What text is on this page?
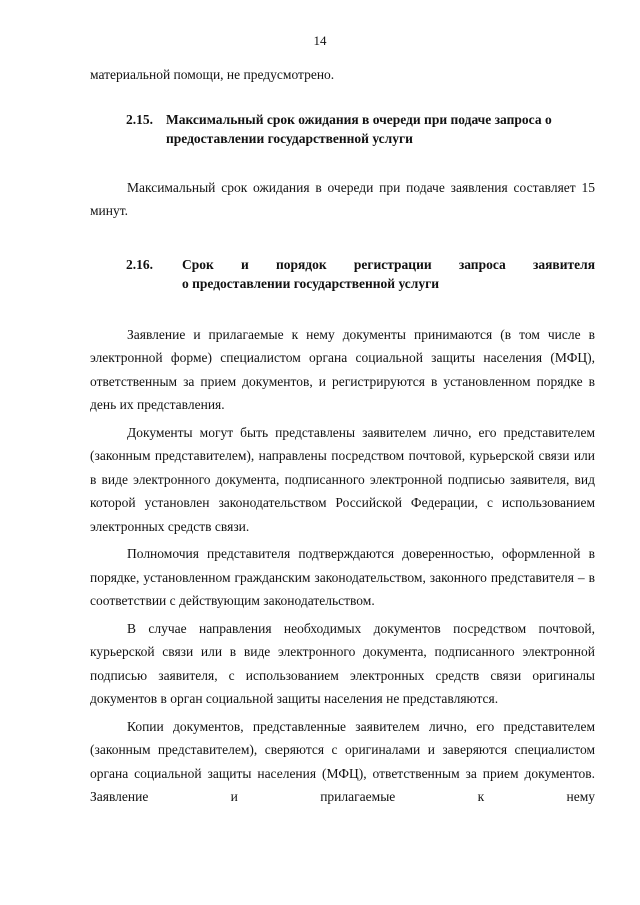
14

материальной помощи, не предусмотрено.

2.15. Максимальный срок ожидания в очереди при подаче запроса о предоставлении государственной услуги

Максимальный срок ожидания в очереди при подаче заявления составляет 15 минут.

2.16.	Срок и порядок регистрации запроса заявителя
о предоставлении государственной услуги

Заявление и прилагаемые к нему документы принимаются (в том числе в электронной форме) специалистом органа социальной защиты населения (МФЦ), ответственным за прием документов, и регистрируются в установленном порядке в день их представления.

Документы могут быть представлены заявителем лично, его представителем (законным представителем), направлены посредством почтовой, курьерской связи или в виде электронного документа, подписанного электронной подписью заявителя, вид которой установлен законодательством Российской Федерации, с использованием электронных средств связи.

Полномочия представителя подтверждаются доверенностью, оформленной в порядке, установленном гражданским законодательством, законного представителя – в соответствии с действующим законодательством.

В случае направления необходимых документов посредством почтовой, курьерской связи или в виде электронного документа, подписанного электронной подписью заявителя, с использованием электронных средств связи оригиналы документов в орган социальной защиты населения не представляются.

Копии документов, представленные заявителем лично, его представителем (законным представителем), сверяются с оригиналами и заверяются специалистом органа социальной защиты населения (МФЦ), ответственным за прием документов. Заявление и прилагаемые к нему
